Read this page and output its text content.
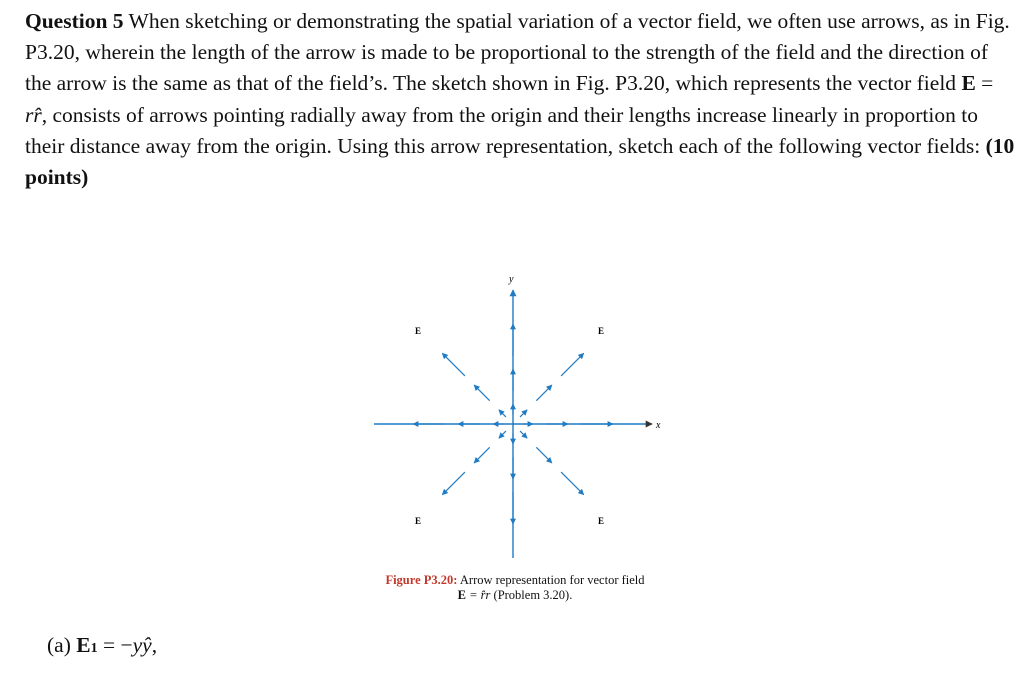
Question 5 When sketching or demonstrating the spatial variation of a vector field, we often use arrows, as in Fig. P3.20, wherein the length of the arrow is made to be proportional to the strength of the field and the direction of the arrow is the same as that of the field’s. The sketch shown in Fig. P3.20, which represents the vector field E = rr̂, consists of arrows pointing radially away from the origin and their lengths increase linearly in proportion to their distance away from the origin. Using this arrow representation, sketch each of the following vector fields: (10 points)

y
x
E	E
E	E
Figure P3.20: Arrow representation for vector field
E = r̂r (Problem 3.20).
(a) E1 = −yŷ,
